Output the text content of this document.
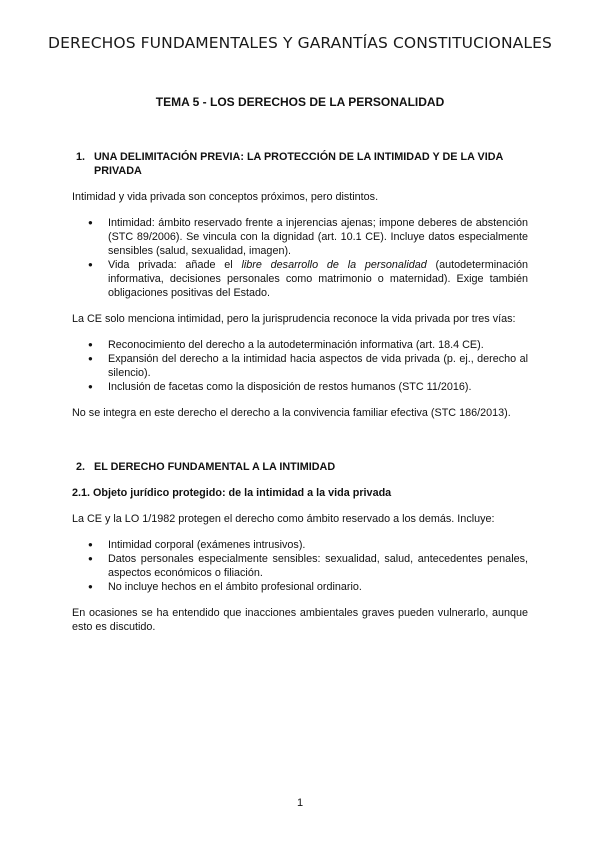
DERECHOS FUNDAMENTALES Y GARANTÍAS CONSTITUCIONALES
TEMA 5 - LOS DERECHOS DE LA PERSONALIDAD
1. UNA DELIMITACIÓN PREVIA: LA PROTECCIÓN DE LA INTIMIDAD Y DE LA VIDA PRIVADA

Intimidad y vida privada son conceptos próximos, pero distintos.

● Intimidad: ámbito reservado frente a injerencias ajenas; impone deberes de abstención (STC 89/2006). Se vincula con la dignidad (art. 10.1 CE). Incluye datos especialmente sensibles (salud, sexualidad, imagen).
● Vida privada: añade el libre desarrollo de la personalidad (autodeterminación informativa, decisiones personales como matrimonio o maternidad). Exige también obligaciones positivas del Estado.

La CE solo menciona intimidad, pero la jurisprudencia reconoce la vida privada por tres vías:

● Reconocimiento del derecho a la autodeterminación informativa (art. 18.4 CE).
● Expansión del derecho a la intimidad hacia aspectos de vida privada (p. ej., derecho al silencio).
● Inclusión de facetas como la disposición de restos humanos (STC 11/2016).

No se integra en este derecho el derecho a la convivencia familiar efectiva (STC 186/2013).

2. EL DERECHO FUNDAMENTAL A LA INTIMIDAD
2.1. Objeto jurídico protegido: de la intimidad a la vida privada

La CE y la LO 1/1982 protegen el derecho como ámbito reservado a los demás. Incluye:

● Intimidad corporal (exámenes intrusivos).
● Datos personales especialmente sensibles: sexualidad, salud, antecedentes penales, aspectos económicos o filiación.
● No incluye hechos en el ámbito profesional ordinario.

En ocasiones se ha entendido que inacciones ambientales graves pueden vulnerarlo, aunque esto es discutido.

1
